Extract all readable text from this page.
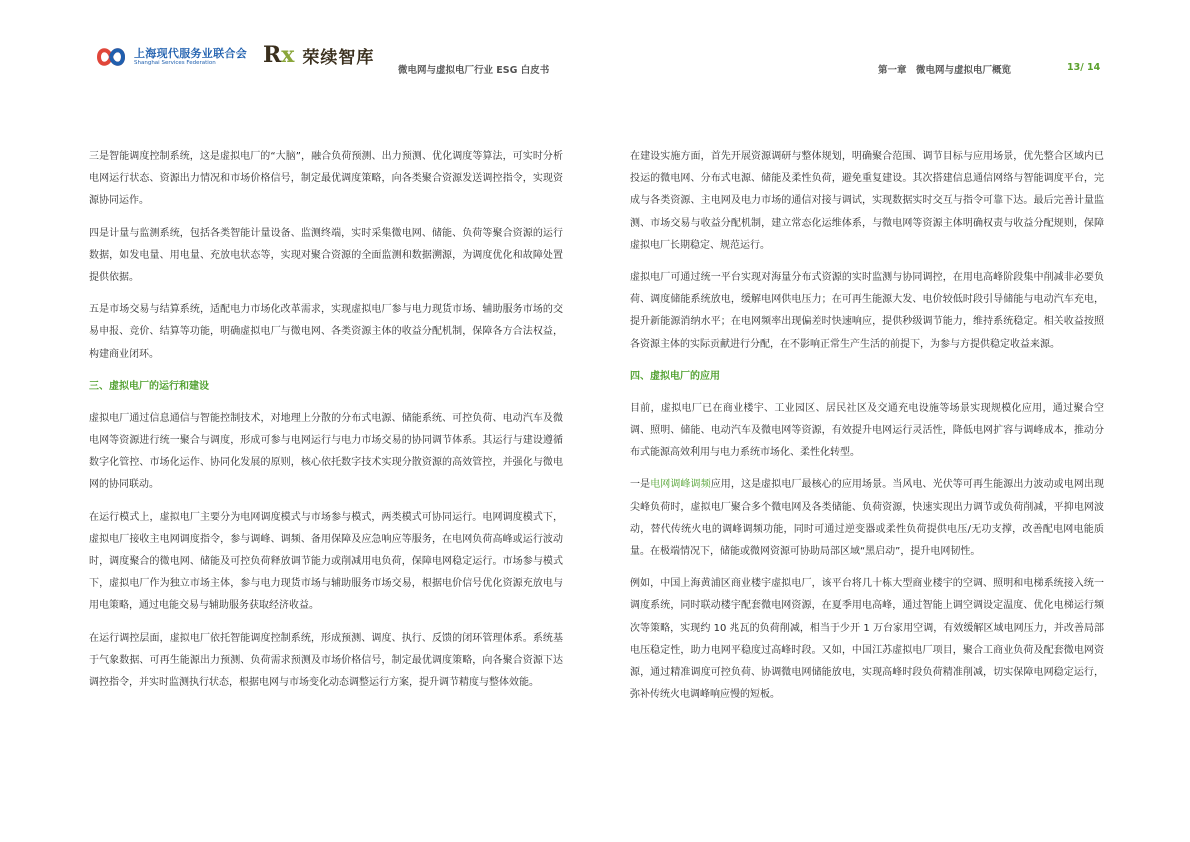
上海现代服务业联合会
Shanghai Services Federation	Rx 荣续智库
微电网与虚拟电厂行业 ESG 白皮书	第一章　微电网与虚拟电厂概览	13/ 14

三是智能调度控制系统，这是虚拟电厂的“大脑”，融合负荷预测、出力预测、优化调度等算法，可实时分析电网运行状态、资源出力情况和市场价格信号，制定最优调度策略，向各类聚合资源发送调控指令，实现资源协同运作。

四是计量与监测系统，包括各类智能计量设备、监测终端，实时采集微电网、储能、负荷等聚合资源的运行数据，如发电量、用电量、充放电状态等，实现对聚合资源的全面监测和数据溯源，为调度优化和故障处置提供依据。

五是市场交易与结算系统，适配电力市场化改革需求，实现虚拟电厂参与电力现货市场、辅助服务市场的交易申报、竞价、结算等功能，明确虚拟电厂与微电网、各类资源主体的收益分配机制，保障各方合法权益，构建商业闭环。

三、虚拟电厂的运行和建设

虚拟电厂通过信息通信与智能控制技术，对地理上分散的分布式电源、储能系统、可控负荷、电动汽车及微电网等资源进行统一聚合与调度，形成可参与电网运行与电力市场交易的协同调节体系。其运行与建设遵循数字化管控、市场化运作、协同化发展的原则，核心依托数字技术实现分散资源的高效管控，并强化与微电网的协同联动。

在运行模式上，虚拟电厂主要分为电网调度模式与市场参与模式，两类模式可协同运行。电网调度模式下，虚拟电厂接收主电网调度指令，参与调峰、调频、备用保障及应急响应等服务，在电网负荷高峰或运行波动时，调度聚合的微电网、储能及可控负荷释放调节能力或削减用电负荷，保障电网稳定运行。市场参与模式下，虚拟电厂作为独立市场主体，参与电力现货市场与辅助服务市场交易，根据电价信号优化资源充放电与用电策略，通过电能交易与辅助服务获取经济收益。

在运行调控层面，虚拟电厂依托智能调度控制系统，形成预测、调度、执行、反馈的闭环管理体系。系统基于气象数据、可再生能源出力预测、负荷需求预测及市场价格信号，制定最优调度策略，向各聚合资源下达调控指令，并实时监测执行状态，根据电网与市场变化动态调整运行方案，提升调节精度与整体效能。

在建设实施方面，首先开展资源调研与整体规划，明确聚合范围、调节目标与应用场景，优先整合区域内已投运的微电网、分布式电源、储能及柔性负荷，避免重复建设。其次搭建信息通信网络与智能调度平台，完成与各类资源、主电网及电力市场的通信对接与调试，实现数据实时交互与指令可靠下达。最后完善计量监测、市场交易与收益分配机制，建立常态化运维体系，与微电网等资源主体明确权责与收益分配规则，保障虚拟电厂长期稳定、规范运行。

虚拟电厂可通过统一平台实现对海量分布式资源的实时监测与协同调控，在用电高峰阶段集中削减非必要负荷、调度储能系统放电，缓解电网供电压力；在可再生能源大发、电价较低时段引导储能与电动汽车充电，提升新能源消纳水平；在电网频率出现偏差时快速响应，提供秒级调节能力，维持系统稳定。相关收益按照各资源主体的实际贡献进行分配，在不影响正常生产生活的前提下，为参与方提供稳定收益来源。

四、虚拟电厂的应用

目前，虚拟电厂已在商业楼宇、工业园区、居民社区及交通充电设施等场景实现规模化应用，通过聚合空调、照明、储能、电动汽车及微电网等资源，有效提升电网运行灵活性，降低电网扩容与调峰成本，推动分布式能源高效利用与电力系统市场化、柔性化转型。

一是电网调峰调频应用，这是虚拟电厂最核心的应用场景。当风电、光伏等可再生能源出力波动或电网出现尖峰负荷时，虚拟电厂聚合多个微电网及各类储能、负荷资源，快速实现出力调节或负荷削减，平抑电网波动，替代传统火电的调峰调频功能，同时可通过逆变器或柔性负荷提供电压/无功支撑，改善配电网电能质量。在极端情况下，储能或微网资源可协助局部区域“黑启动”，提升电网韧性。

例如，中国上海黄浦区商业楼宇虚拟电厂，该平台将几十栋大型商业楼宇的空调、照明和电梯系统接入统一调度系统，同时联动楼宇配套微电网资源，在夏季用电高峰，通过智能上调空调设定温度、优化电梯运行频次等策略，实现约 10 兆瓦的负荷削减，相当于少开 1 万台家用空调，有效缓解区域电网压力，并改善局部电压稳定性，助力电网平稳度过高峰时段。又如，中国江苏虚拟电厂项目，聚合工商业负荷及配套微电网资源，通过精准调度可控负荷、协调微电网储能放电，实现高峰时段负荷精准削减，切实保障电网稳定运行，弥补传统火电调峰响应慢的短板。
